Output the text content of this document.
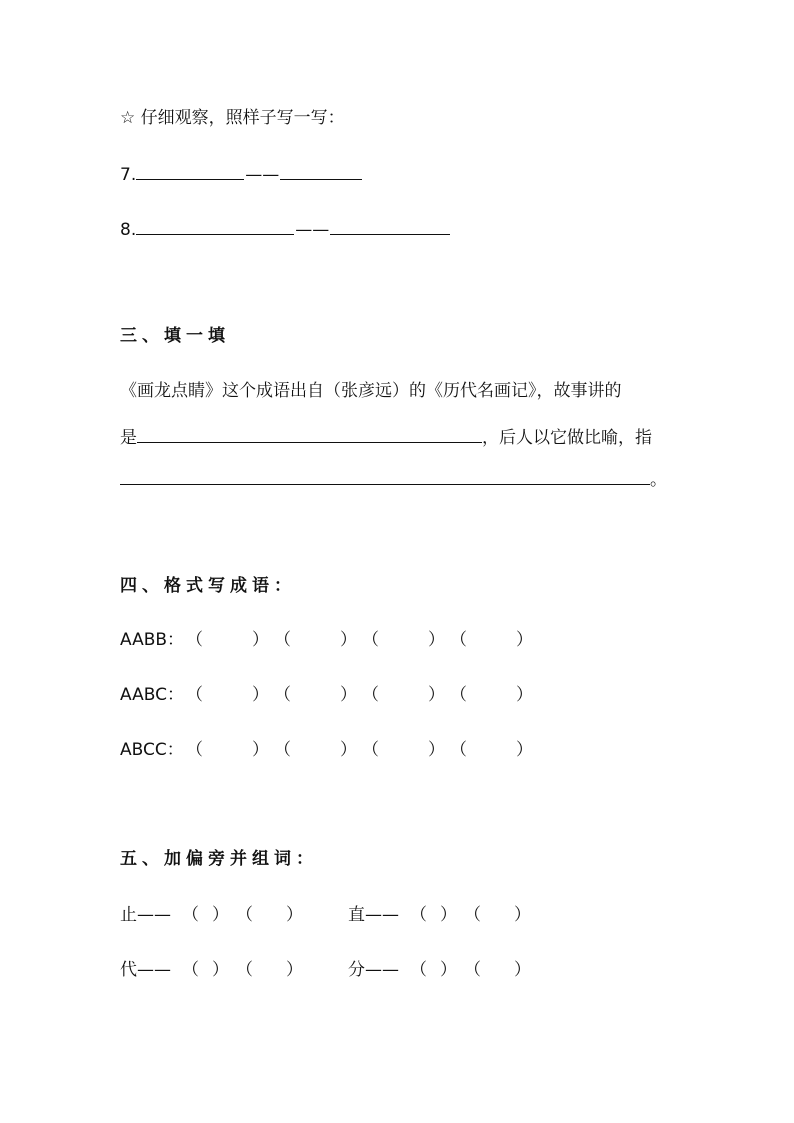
☆ 仔细观察，照样子写一写：
7.	——
8.	——
三、填一填
《画龙点睛》这个成语出自（张彦远）的《历代名画记》，故事讲的
是	，后人以它做比喻，指
。
四、格式写成语：
AABB： （	） （	） （	） （	）
AABC： （	） （	） （	） （	）
ABCC： （	） （	） （	） （	）
五、加偏旁并组词：
止—— （ ） （ ）	直—— （ ） （ ）
代—— （ ） （ ）	分—— （ ） （ ）
